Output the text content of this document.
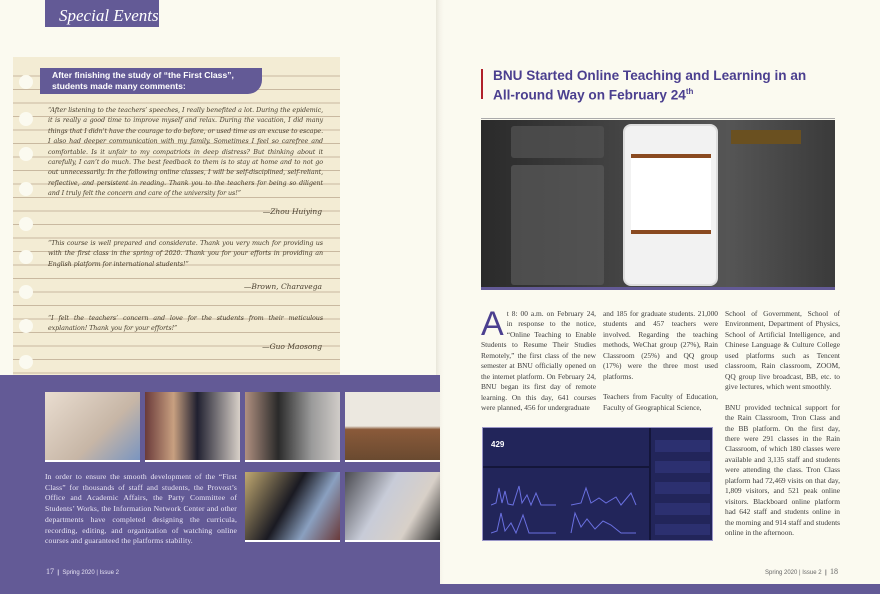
Special Events
After finishing the study of “the First Class”, students made many comments:
“After listening to the teachers’ speeches, I really benefited a lot. During the epidemic, it is really a good time to improve myself and relax. During the vacation, I did many things that I didn’t have the courage to do before, or used time as an excuse to escape. I also had deeper communication with my family. Sometimes I feel so carefree and comfortable. Is it unfair to my compatriots in deep distress? But thinking about it carefully, I can’t do much. The best feedback to them is to stay at home and to not go out unnecessarily. In the following online classes, I will be self-disciplined, self-reliant, reflective, and persistent in reading. Thank you to the teachers for being so diligent and I truly felt the concern and care of the university for us!”
—Zhou Huiying
“This course is well prepared and considerate. Thank you very much for providing us with the first class in the spring of 2020. Thank you for your efforts in providing an English platform for international students!”
—Brown, Charavega
“I felt the teachers’ concern and love for the students from their meticulous explanation! Thank you for your efforts!”
—Guo Maosong
In order to ensure the smooth development of the “First Class” for thousands of staff and students, the Provost’s Office and Academic Affairs, the Party Committee of Students’ Works, the Information Network Center and other departments have completed designing the curricula, recording, editing, and organization of watching online courses and guaranteed the platforms stability.
17  |  Spring 2020 | Issue 2
BNU Started Online Teaching and Learning in an All-round Way on February 24th
429
At 8: 00 a.m. on February 24, in response to the notice, “Online Teaching to Enable Students to Resume Their Studies Remotely,” the first class of the new semester at BNU officially opened on the internet platform. On February 24, BNU began its first day of remote learning. On this day, 641 courses were planned, 456 for undergraduate

and 185 for graduate students. 21,000 students and 457 teachers were involved. Regarding the teaching methods, WeChat group (27%), Rain Classroom (25%) and QQ group (17%) were the three most used platforms.

Teachers from Faculty of Education, Faculty of Geographical Science,

School of Government, School of Environment, Department of Physics, School of Artificial Intelligence, and Chinese Language & Culture College used platforms such as Tencent classroom, Rain classroom, ZOOM, QQ group live broadcast, BB, etc. to give lectures, which went smoothly.

BNU provided technical support for the Rain Classroom, Tron Class and the BB platform. On the first day, there were 291 classes in the Rain Classroom, of which 180 classes were available and 3,135 staff and students were attending the class. Tron Class platform had 72,469 visits on that day, 1,809 visitors, and 521 peak online visitors. Blackboard online platform had 642 staff and students online in the morning and 914 staff and students online in the afternoon.

Spring 2020 | Issue 2  |  18
